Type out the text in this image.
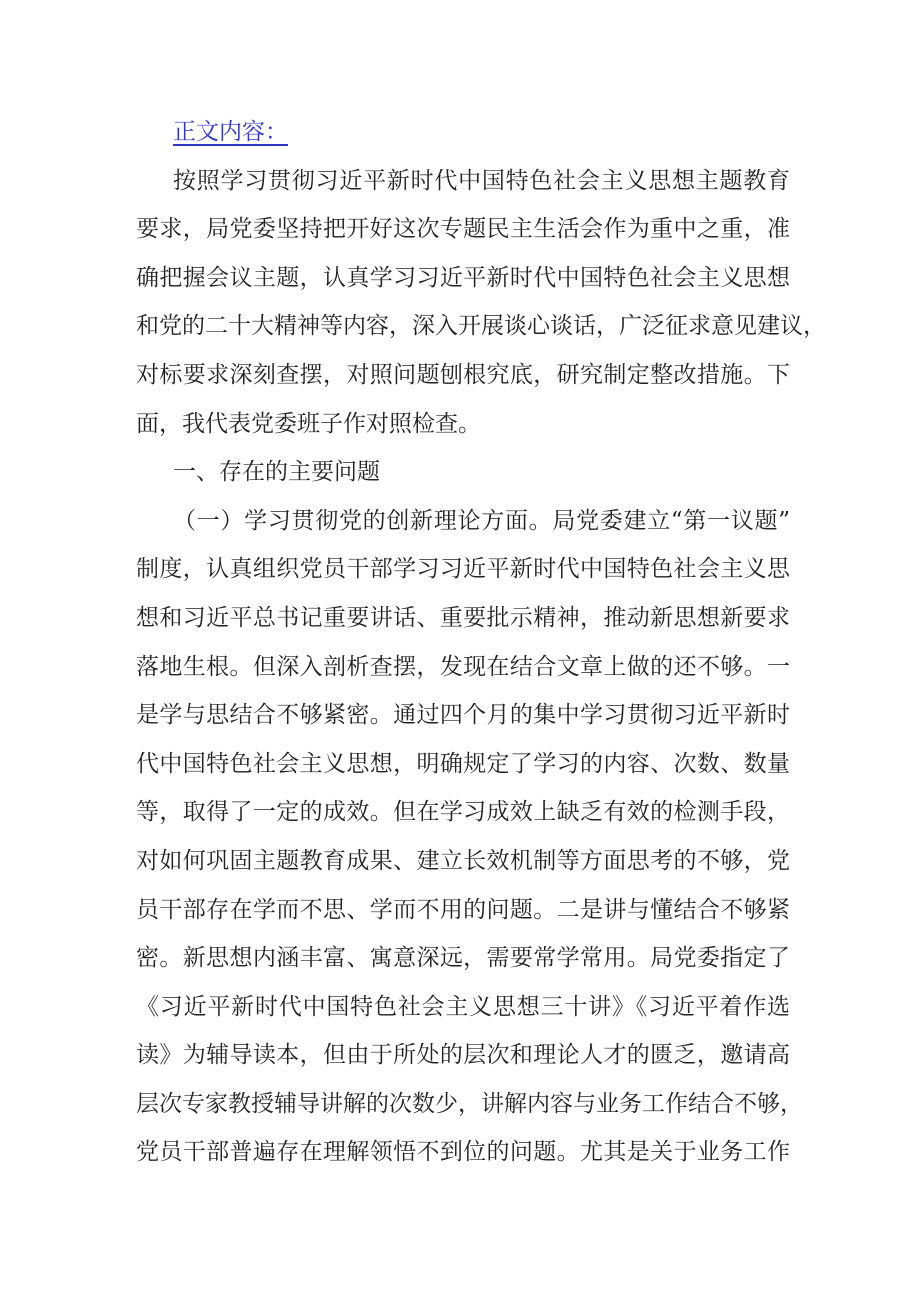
正文内容：
按照学习贯彻习近平新时代中国特色社会主义思想主题教育
要求，局党委坚持把开好这次专题民主生活会作为重中之重，准
确把握会议主题，认真学习习近平新时代中国特色社会主义思想
和党的二十大精神等内容，深入开展谈心谈话，广泛征求意见建议，
对标要求深刻查摆，对照问题刨根究底，研究制定整改措施。下
面，我代表党委班子作对照检查。
一、存在的主要问题
（一）学习贯彻党的创新理论方面。局党委建立“第一议题”
制度，认真组织党员干部学习习近平新时代中国特色社会主义思
想和习近平总书记重要讲话、重要批示精神，推动新思想新要求
落地生根。但深入剖析查摆，发现在结合文章上做的还不够。一
是学与思结合不够紧密。通过四个月的集中学习贯彻习近平新时
代中国特色社会主义思想，明确规定了学习的内容、次数、数量
等，取得了一定的成效。但在学习成效上缺乏有效的检测手段，
对如何巩固主题教育成果、建立长效机制等方面思考的不够，党
员干部存在学而不思、学而不用的问题。二是讲与懂结合不够紧
密。新思想内涵丰富、寓意深远，需要常学常用。局党委指定了
《习近平新时代中国特色社会主义思想三十讲》《习近平着作选
读》为辅导读本，但由于所处的层次和理论人才的匮乏，邀请高
层次专家教授辅导讲解的次数少，讲解内容与业务工作结合不够，
党员干部普遍存在理解领悟不到位的问题。尤其是关于业务工作
